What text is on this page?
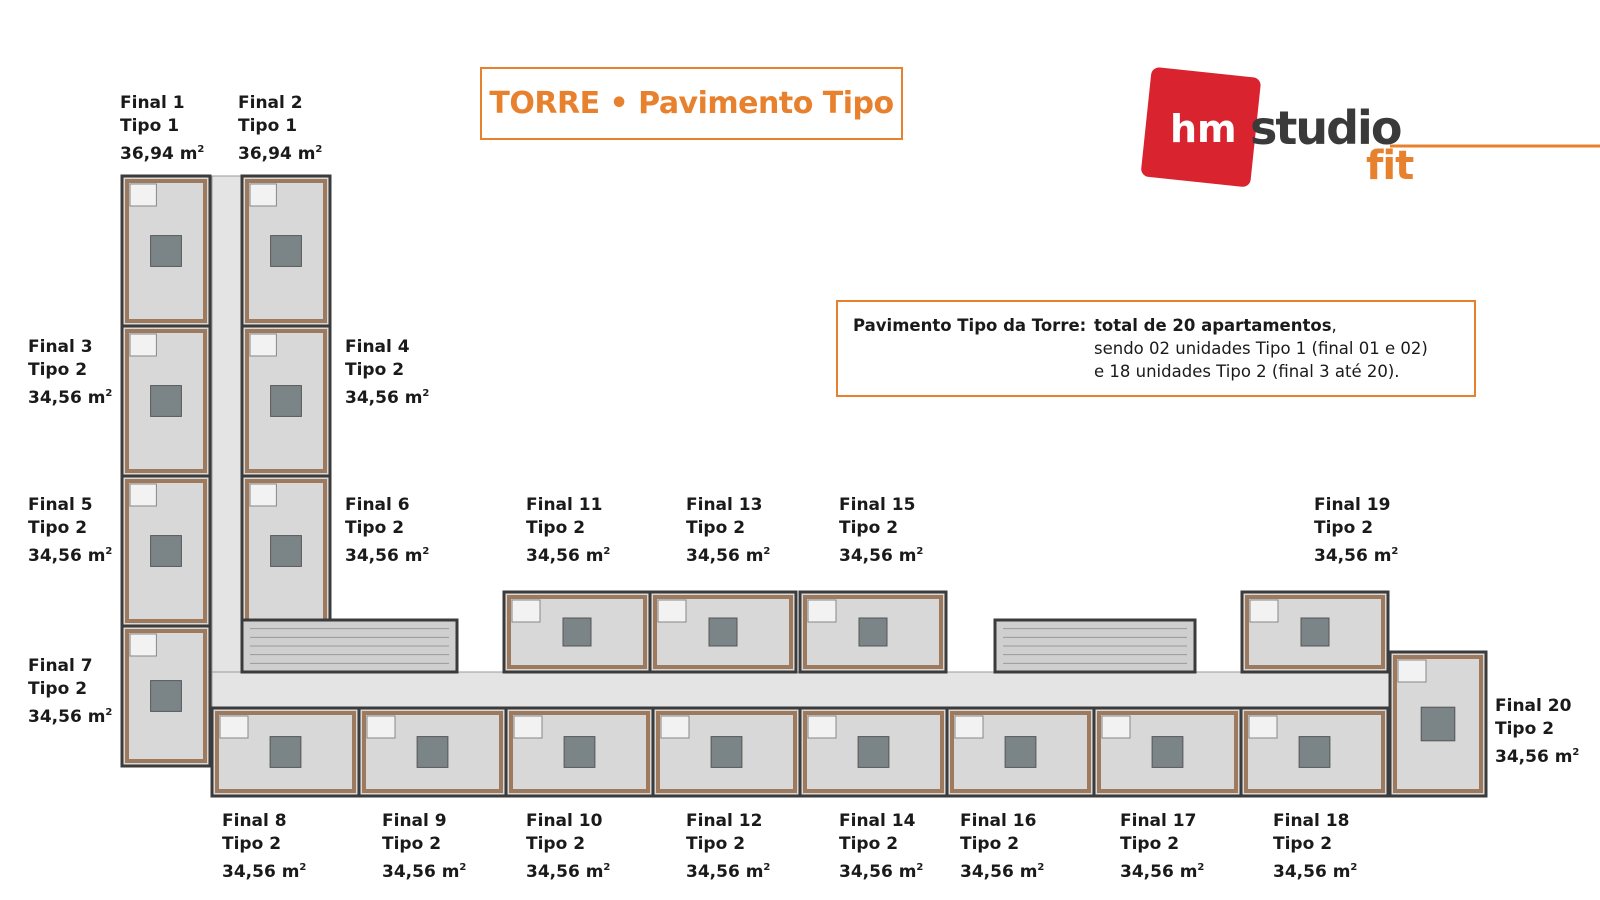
TORRE • Pavimento Tipo
hm studio
fit
Pavimento Tipo da Torre: total de 20 apartamentos,
sendo 02 unidades Tipo 1 (final 01 e 02)
e 18 unidades Tipo 2 (final 3 até 20).
Final 1
Tipo 1
36,94 $m^2$
Final 2
Tipo 1
36,94 $m^2$
Final 3
Tipo 2
34,56 $m^2$
Final 4
Tipo 2
34,56 $m^2$
Final 5
Tipo 2
34,56 $m^2$
Final 6
Tipo 2
34,56 $m^2$
Final 7
Tipo 2
34,56 $m^2$
Final 8
Tipo 2
34,56 $m^2$
Final 9
Tipo 2
34,56 $m^2$
Final 10
Tipo 2
34,56 $m^2$
Final 11
Tipo 2
34,56 $m^2$
Final 12
Tipo 2
34,56 $m^2$
Final 13
Tipo 2
34,56 $m^2$
Final 14
Tipo 2
34,56 $m^2$
Final 15
Tipo 2
34,56 $m^2$
Final 16
Tipo 2
34,56 $m^2$
Final 17
Tipo 2
34,56 $m^2$
Final 18
Tipo 2
34,56 $m^2$
Final 19
Tipo 2
34,56 $m^2$
Final 20
Tipo 2
34,56 $m^2$
